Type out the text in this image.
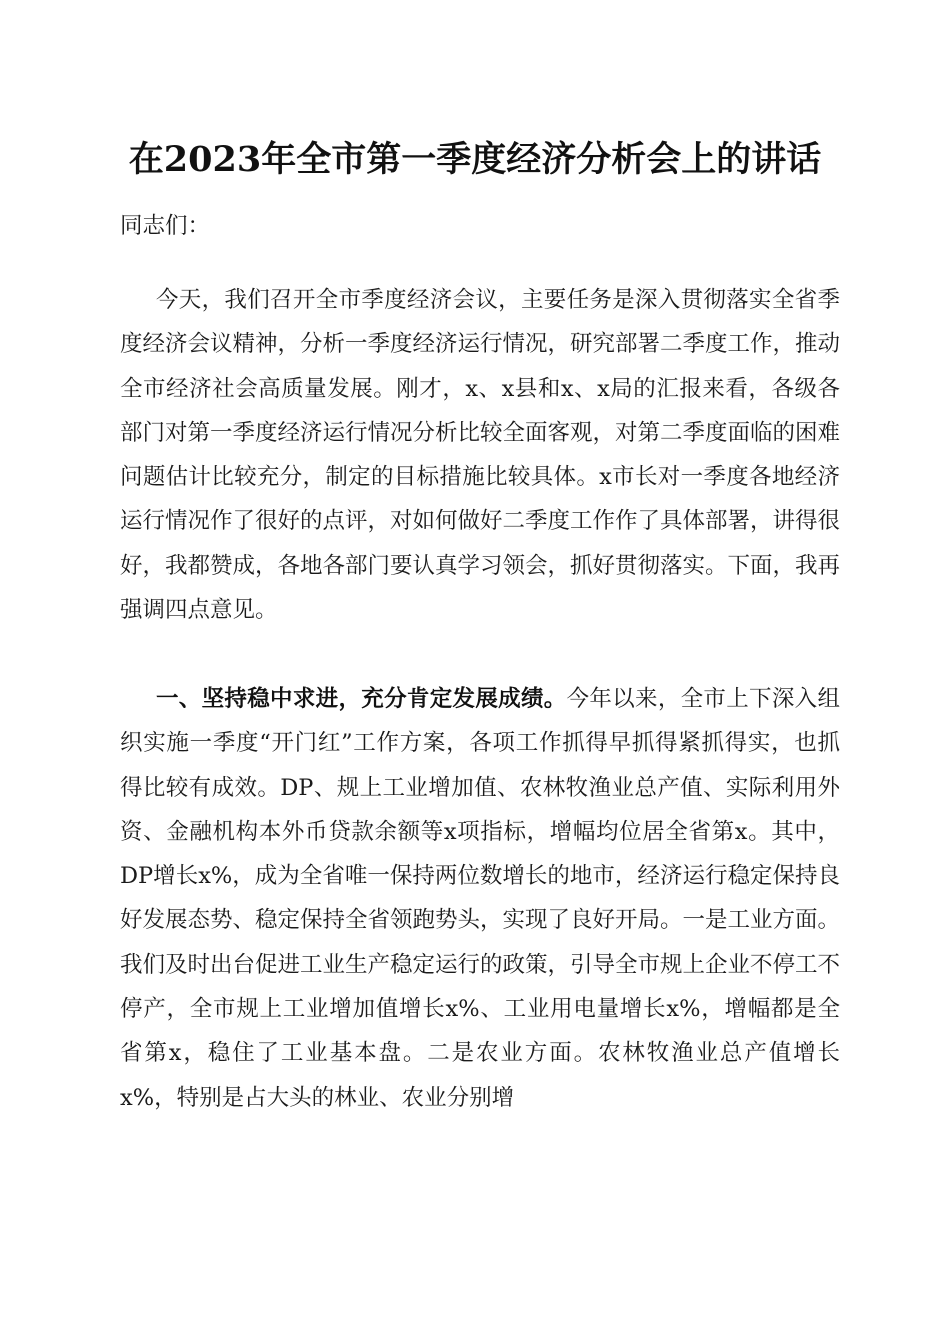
在2023年全市第一季度经济分析会上的讲话
同志们：

今天，我们召开全市季度经济会议，主要任务是深入贯彻落实全省季度经济会议精神，分析一季度经济运行情况，研究部署二季度工作，推动全市经济社会高质量发展。刚才，x、x县和x、x局的汇报来看，各级各部门对第一季度经济运行情况分析比较全面客观，对第二季度面临的困难问题估计比较充分，制定的目标措施比较具体。x市长对一季度各地经济运行情况作了很好的点评，对如何做好二季度工作作了具体部署，讲得很好，我都赞成，各地各部门要认真学习领会，抓好贯彻落实。下面，我再强调四点意见。

一、坚持稳中求进，充分肯定发展成绩。今年以来，全市上下深入组织实施一季度“开门红”工作方案，各项工作抓得早抓得紧抓得实，也抓得比较有成效。DP、规上工业增加值、农林牧渔业总产值、实际利用外资、金融机构本外币贷款余额等x项指标，增幅均位居全省第x。其中，DP增长x%，成为全省唯一保持两位数增长的地市，经济运行稳定保持良好发展态势、稳定保持全省领跑势头，实现了良好开局。一是工业方面。我们及时出台促进工业生产稳定运行的政策，引导全市规上企业不停工不停产，全市规上工业增加值增长x%、工业用电量增长x%，增幅都是全省第x，稳住了工业基本盘。二是农业方面。农林牧渔业总产值增长x%，特别是占大头的林业、农业分别增
